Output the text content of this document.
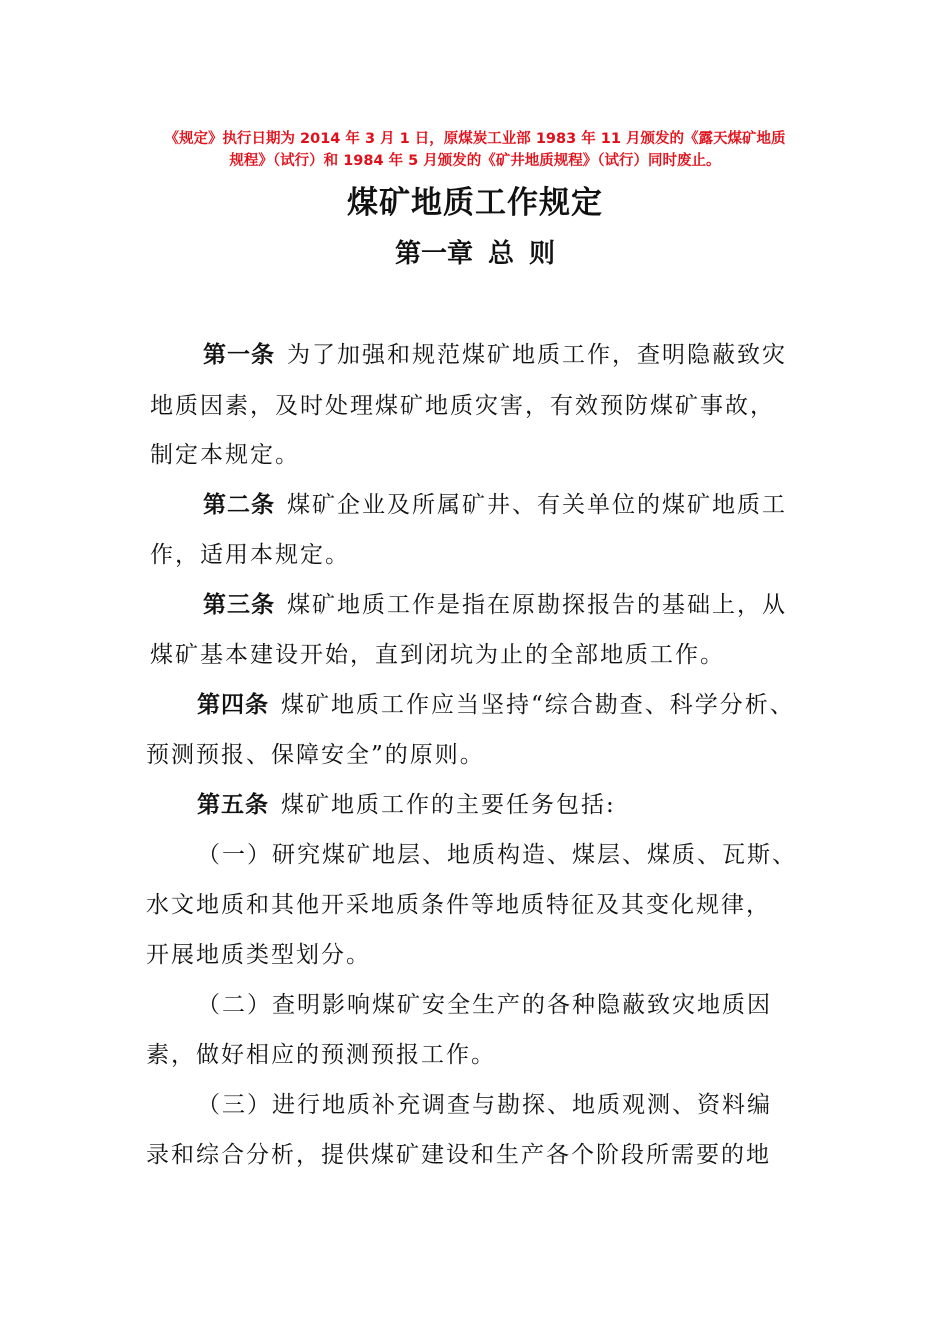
《规定》执行日期为 2014 年 3 月 1 日，原煤炭工业部 1983 年 11 月颁发的《露天煤矿地质
规程》（试行）和 1984 年 5 月颁发的《矿井地质规程》（试行）同时废止。
煤矿地质工作规定
第一章 总 则
第一条 为了加强和规范煤矿地质工作，查明隐蔽致灾
地质因素，及时处理煤矿地质灾害，有效预防煤矿事故，
制定本规定。
第二条 煤矿企业及所属矿井、有关单位的煤矿地质工
作，适用本规定。
第三条 煤矿地质工作是指在原勘探报告的基础上，从
煤矿基本建设开始，直到闭坑为止的全部地质工作。
第四条 煤矿地质工作应当坚持“综合勘查、科学分析、
预测预报、保障安全”的原则。
第五条 煤矿地质工作的主要任务包括:
（一）研究煤矿地层、地质构造、煤层、煤质、瓦斯、
水文地质和其他开采地质条件等地质特征及其变化规律，
开展地质类型划分。
（二）查明影响煤矿安全生产的各种隐蔽致灾地质因
素，做好相应的预测预报工作。
（三）进行地质补充调查与勘探、地质观测、资料编
录和综合分析，提供煤矿建设和生产各个阶段所需要的地
